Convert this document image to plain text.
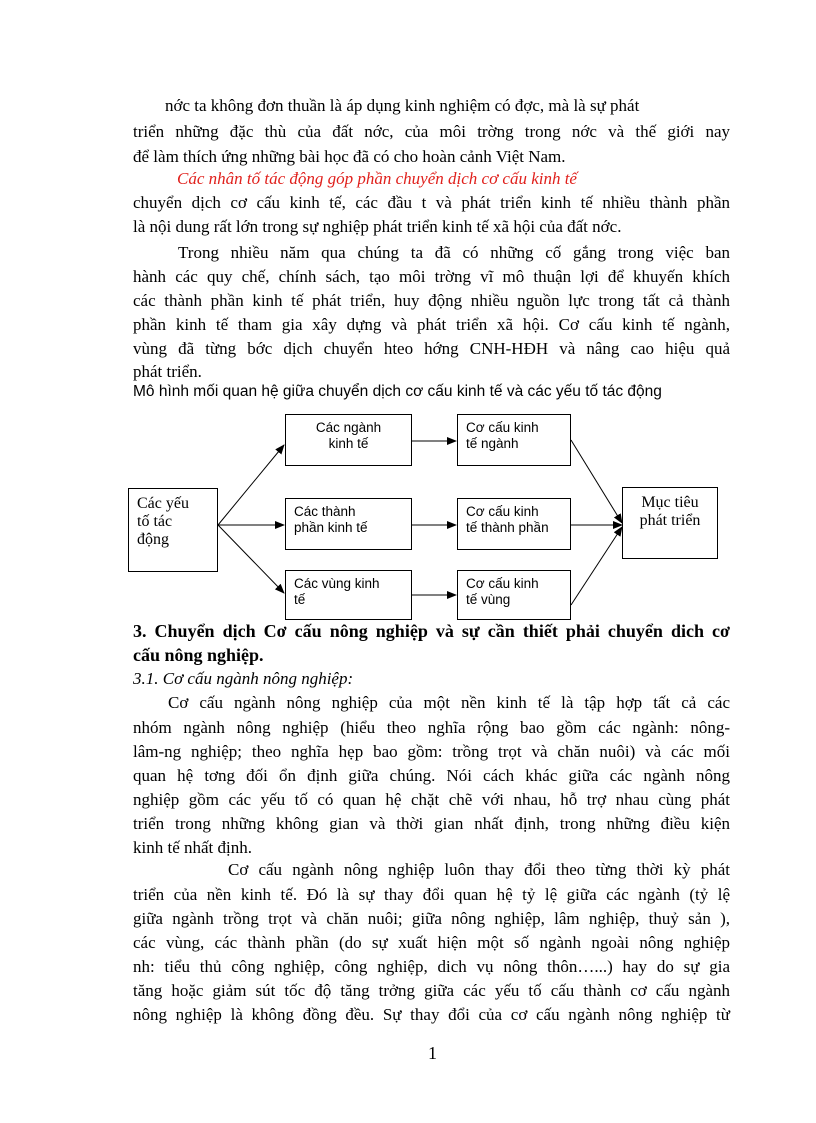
nớc ta không đơn thuần là áp dụng kinh nghiệm có đợc, mà là sự phát
triển những đặc thù của đất nớc, của môi trờng trong nớc và thế giới nay
để làm thích ứng những bài học đã có cho hoàn cảnh Việt Nam.
Các nhân tố tác động góp phần chuyển dịch cơ cấu kinh tế
chuyển dịch cơ cấu kinh tế, các đầu t và phát triển kinh tế nhiều thành phần
là nội dung rất lớn trong sự nghiệp phát triển kinh tế xã hội của đất nớc.
Trong nhiều năm qua chúng ta đã có những cố gắng trong việc ban
hành các quy chế, chính sách, tạo môi trờng vĩ mô thuận lợi để khuyến khích
các thành phần kinh tế phát triển, huy động nhiều nguồn lực trong tất cả thành
phần kinh tế tham gia xây dựng và phát triển xã hội. Cơ cấu kinh tế ngành,
vùng đã từng bớc dịch chuyển hteo hớng CNH-HĐH và nâng cao hiệu quả
phát triển.
Mô hình mối quan hệ giữa chuyển dịch cơ cấu kinh tế và các yếu tố tác động
Các yếu
tố tác
động
Các ngành
kinh tế
Các thành
phần kinh tế
Các vùng kinh
tế
Cơ cấu kinh
tế ngành
Cơ cấu kinh
tế thành phần
Cơ cấu kinh
tế vùng
Mục tiêu
phát triển
3. Chuyển dịch Cơ cấu nông nghiệp và sự cần thiết phải chuyển dich cơ
cấu nông nghiệp.
3.1. Cơ cấu ngành nông nghiệp:
Cơ cấu ngành nông nghiệp của một nền kinh tế là tập hợp tất cả các
nhóm ngành nông nghiệp (hiểu theo nghĩa rộng bao gồm các ngành: nông-
lâm-ng nghiệp; theo nghĩa hẹp bao gồm: trồng trọt và chăn nuôi) và các mối
quan hệ tơng đối ổn định giữa chúng. Nói cách khác giữa các ngành nông
nghiệp gồm các yếu tố có quan hệ chặt chẽ với nhau, hỗ trợ nhau cùng phát
triển trong những không gian và thời gian nhất định, trong những điều kiện
kinh tế nhất định.
Cơ cấu ngành nông nghiệp luôn thay đổi theo từng thời kỳ phát
triển của nền kinh tế. Đó là sự thay đổi quan hệ tỷ lệ giữa các ngành (tỷ lệ
giữa ngành trồng trọt và chăn nuôi; giữa nông nghiệp, lâm nghiệp, thuỷ sản ),
các vùng, các thành phần (do sự xuất hiện một số ngành ngoài nông nghiệp
nh: tiểu thủ công nghiệp, công nghiệp, dich vụ nông thôn…...) hay do sự gia
tăng hoặc giảm sút tốc độ tăng trởng giữa các yếu tố cấu thành cơ cấu ngành
nông nghiệp là không đồng đều. Sự thay đổi của cơ cấu ngành nông nghiệp từ
1
